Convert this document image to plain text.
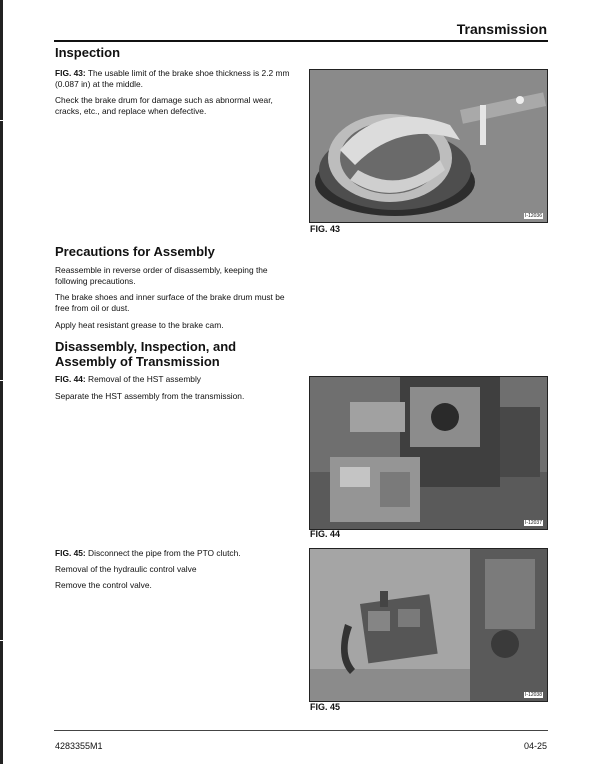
Transmission
Inspection

FIG. 43: The usable limit of the brake shoe thickness is 2.2 mm (0.087 in) at the middle.

Check the brake drum for damage such as abnormal wear, cracks, etc., and replace when defective.

I-12036
FIG. 43
Precautions for Assembly

Reassemble in reverse order of disassembly, keeping the following precautions.

The brake shoes and inner surface of the brake drum must be free from oil or dust.

Apply heat resistant grease to the brake cam.

Disassembly, Inspection, and Assembly of Transmission

FIG. 44: Removal of the HST assembly

Separate the HST assembly from the transmission.

I-12037
FIG. 44

FIG. 45: Disconnect the pipe from the PTO clutch.

Removal of the hydraulic control valve

Remove the control valve.

I-12038
FIG. 45
4283355M1	04-25
